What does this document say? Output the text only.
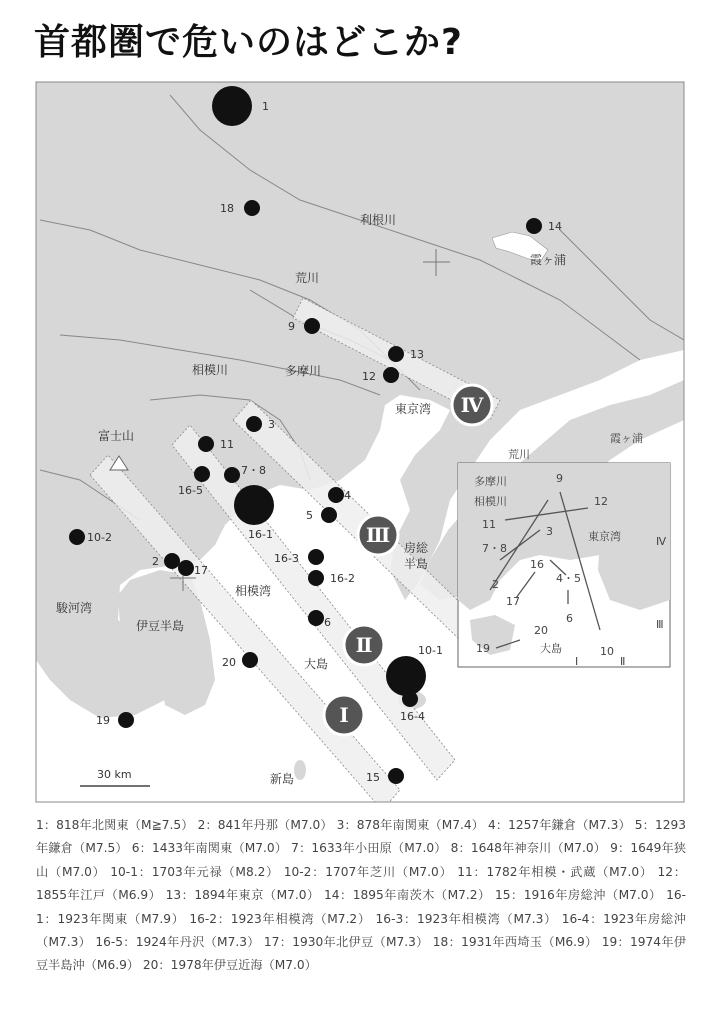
首都圏で危いのはどこか?
利根川
霞ヶ浦
荒川
多摩川
相模川
東京湾
富士山
相模湾
房総
半島
駿河湾
伊豆半島
大島
新島
30 km
Ⅰ
Ⅱ
Ⅲ
Ⅳ
1
18
14
9
13
12
3
11
7・8
16-5
16-1
4
5
10-2
2
17
16-3
16-2
6
20
10-1
16-4
19
15
荒川
霞ヶ浦
多摩川
相模川
東京湾
大島
9
12
11
3
7・8
16
4・5
2
17
6
20
19	10
Ⅰ	Ⅱ
Ⅲ
Ⅳ
1：818年北関東（M≧7.5） 2：841年丹那（M7.0） 3：878年南関東（M7.4） 4：1257年鎌倉（M7.3） 5：1293年鎌倉（M7.5） 6：1433年南関東（M7.0） 7：1633年小田原（M7.0） 8：1648年神奈川（M7.0） 9：1649年狭山（M7.0） 10-1：1703年元禄（M8.2） 10-2：1707年芝川（M7.0） 11：1782年相模・武蔵（M7.0） 12：1855年江戸（M6.9） 13：1894年東京（M7.0） 14：1895年南茨木（M7.2） 15：1916年房総沖（M7.0） 16-1：1923年関東（M7.9） 16-2：1923年相模湾（M7.2） 16-3：1923年相模湾（M7.3） 16-4：1923年房総沖（M7.3） 16-5：1924年丹沢（M7.3） 17：1930年北伊豆（M7.3） 18：1931年西埼玉（M6.9） 19：1974年伊豆半島沖（M6.9） 20：1978年伊豆近海（M7.0）
